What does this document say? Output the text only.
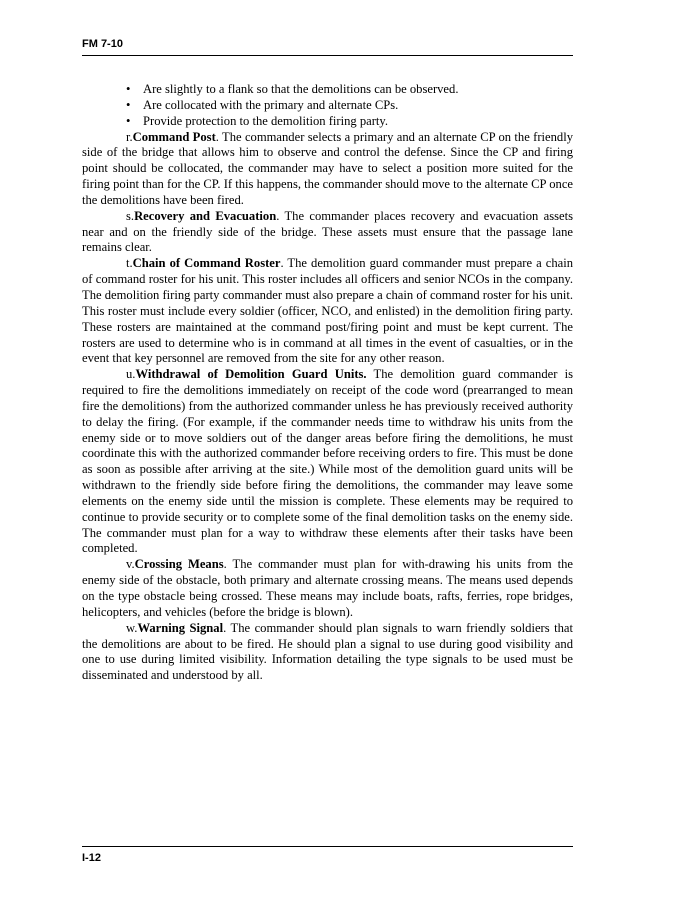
FM 7-10
• Are slightly to a flank so that the demolitions can be observed.
• Are collocated with the primary and alternate CPs.
• Provide protection to the demolition firing party.

r.Command Post. The commander selects a primary and an alternate CP on the friendly side of the bridge that allows him to observe and control the defense. Since the CP and firing point should be collocated, the commander may have to select a position more suited for the firing point than for the CP. If this happens, the commander should move to the alternate CP once the demolitions have been fired.

s.Recovery and Evacuation. The commander places recovery and evacuation assets near and on the friendly side of the bridge. These assets must ensure that the passage lane remains clear.

t.Chain of Command Roster. The demolition guard commander must prepare a chain of command roster for his unit. This roster includes all officers and senior NCOs in the company. The demolition firing party commander must also prepare a chain of command roster for his unit. This roster must include every soldier (officer, NCO, and enlisted) in the demolition firing party. These rosters are maintained at the command post/firing point and must be kept current. The rosters are used to determine who is in command at all times in the event of casualties, or in the event that key personnel are removed from the site for any other reason.

u.Withdrawal of Demolition Guard Units. The demolition guard commander is required to fire the demolitions immediately on receipt of the code word (prearranged to mean fire the demolitions) from the authorized commander unless he has previously received authority to delay the firing. (For example, if the commander needs time to withdraw his units from the enemy side or to move soldiers out of the danger areas before firing the demolitions, he must coordinate this with the authorized commander before receiving orders to fire. This must be done as soon as possible after arriving at the site.) While most of the demolition guard units will be withdrawn to the friendly side before firing the demolitions, the commander may leave some elements on the enemy side until the mission is complete. These elements may be required to continue to provide security or to complete some of the final demolition tasks on the enemy side. The commander must plan for a way to withdraw these elements after their tasks have been completed.

v.Crossing Means. The commander must plan for with-drawing his units from the enemy side of the obstacle, both primary and alternate crossing means. The means used depends on the type obstacle being crossed. These means may include boats, rafts, ferries, rope bridges, helicopters, and vehicles (before the bridge is blown).

w.Warning Signal. The commander should plan signals to warn friendly soldiers that the demolitions are about to be fired. He should plan a signal to use during good visibility and one to use during limited visibility. Information detailing the type signals to be used must be disseminated and understood by all.

I-12
